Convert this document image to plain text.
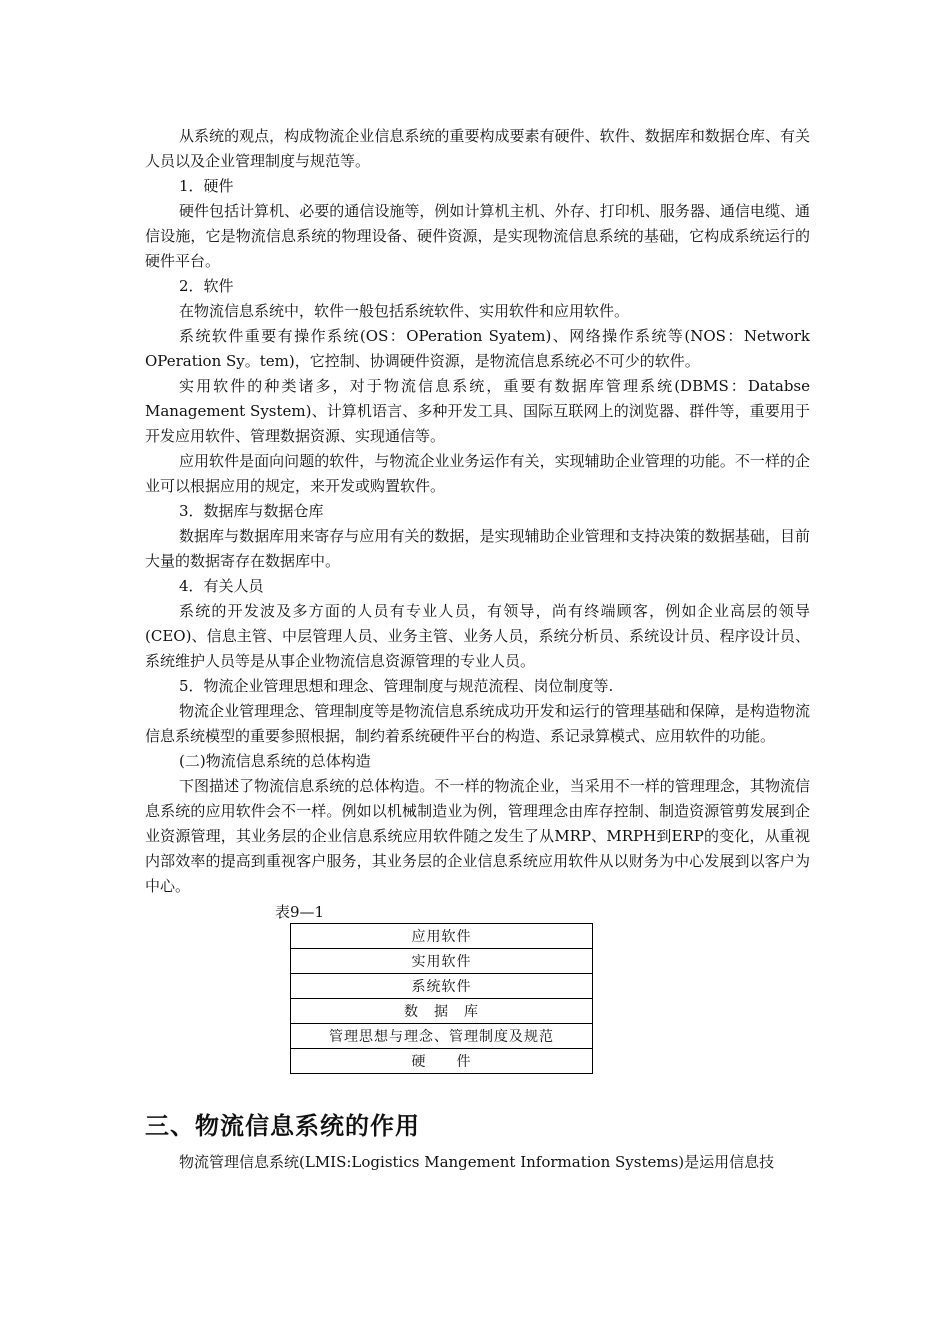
从系统的观点，构成物流企业信息系统的重要构成要素有硬件、软件、数据库和数据仓库、有关人员以及企业管理制度与规范等。

1．硬件

硬件包括计算机、必要的通信设施等，例如计算机主机、外存、打印机、服务器、通信电缆、通信设施，它是物流信息系统的物理设备、硬件资源，是实现物流信息系统的基础，它构成系统运行的硬件平台。

2．软件

在物流信息系统中，软件一般包括系统软件、实用软件和应用软件。

系统软件重要有操作系统(OS：OPeration Syatem)、网络操作系统等(NOS：Network OPeration Sy。tem)，它控制、协调硬件资源，是物流信息系统必不可少的软件。

实用软件的种类诸多，对于物流信息系统，重要有数据库管理系统(DBMS：Databse Management System)、计算机语言、多种开发工具、国际互联网上的浏览器、群件等，重要用于开发应用软件、管理数据资源、实现通信等。

应用软件是面向问题的软件，与物流企业业务运作有关，实现辅助企业管理的功能。不一样的企业可以根据应用的规定，来开发或购置软件。

3．数据库与数据仓库

数据库与数据库用来寄存与应用有关的数据，是实现辅助企业管理和支持决策的数据基础，目前大量的数据寄存在数据库中。

4．有关人员

系统的开发波及多方面的人员有专业人员，有领导，尚有终端顾客，例如企业高层的领导(CEO)、信息主管、中层管理人员、业务主管、业务人员，系统分析员、系统设计员、程序设计员、系统维护人员等是从事企业物流信息资源管理的专业人员。

5．物流企业管理思想和理念、管理制度与规范流程、岗位制度等.

物流企业管理理念、管理制度等是物流信息系统成功开发和运行的管理基础和保障，是构造物流信息系统模型的重要参照根据，制约着系统硬件平台的构造、系记录算模式、应用软件的功能。

(二)物流信息系统的总体构造

下图描述了物流信息系统的总体构造。不一样的物流企业，当采用不一样的管理理念，其物流信息系统的应用软件会不一样。例如以机械制造业为例，管理理念由库存控制、制造资源管剪发展到企业资源管理，其业务层的企业信息系统应用软件随之发生了从MRP、MRPH到ERP的变化，从重视内部效率的提高到重视客户服务，其业务层的企业信息系统应用软件从以财务为中心发展到以客户为中心。

表9—1

应用软件
实用软件
系统软件
数　据　库
管理思想与理念、管理制度及规范
硬　　件
三、物流信息系统的作用

物流管理信息系统(LMIS:Logistics Mangement Information Systems)是运用信息技
